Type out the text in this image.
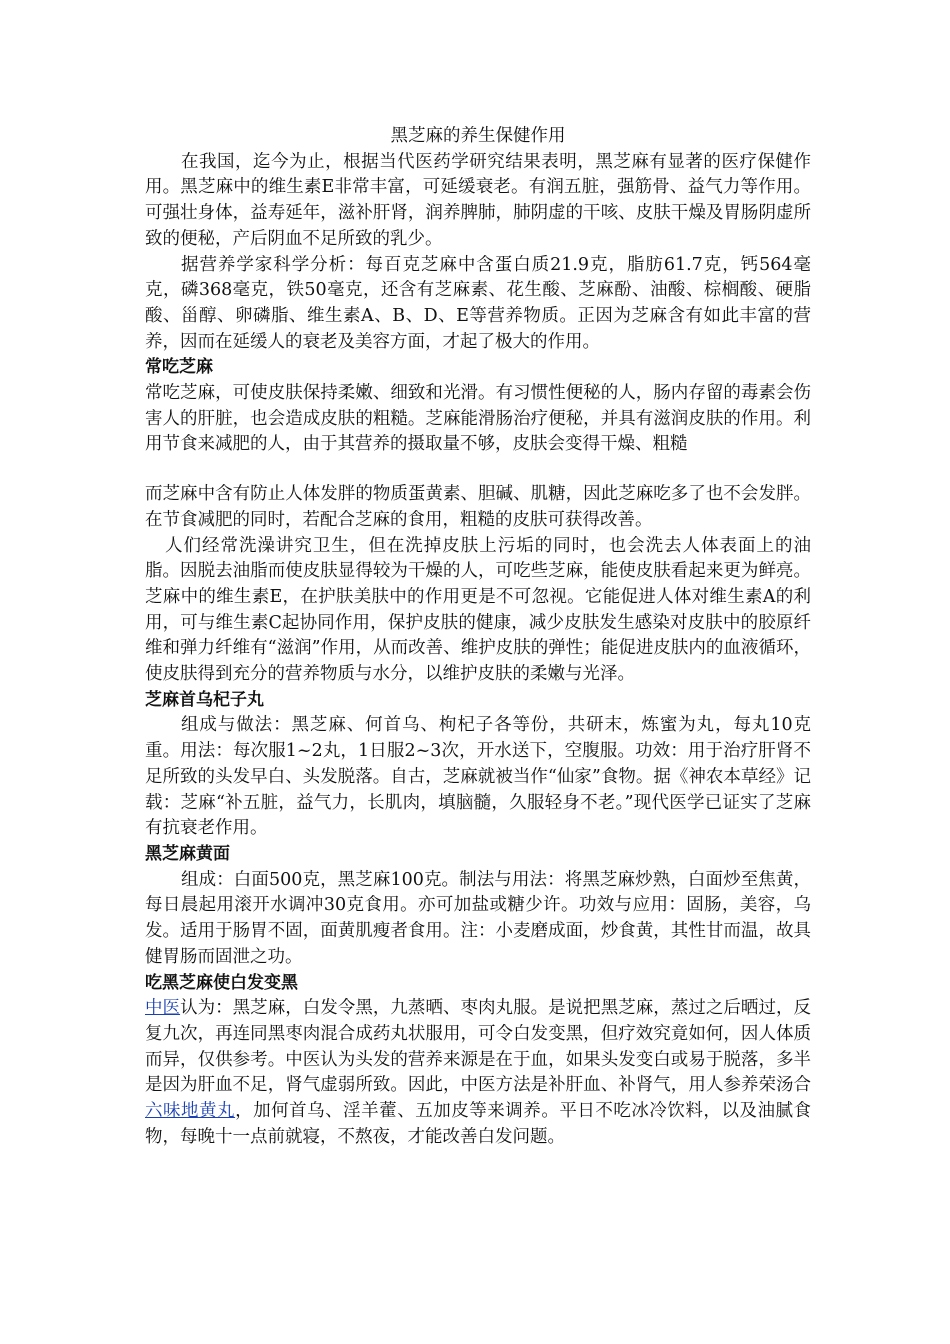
黑芝麻的养生保健作用

在我国，迄今为止，根据当代医药学研究结果表明，黑芝麻有显著的医疗保健作用。黑芝麻中的维生素E非常丰富，可延缓衰老。有润五脏，强筋骨、益气力等作用。可强壮身体，益寿延年，滋补肝肾，润养脾肺，肺阴虚的干咳、皮肤干燥及胃肠阴虚所致的便秘，产后阴血不足所致的乳少。

据营养学家科学分析：每百克芝麻中含蛋白质21.9克，脂肪61.7克，钙564毫克，磷368毫克，铁50毫克，还含有芝麻素、花生酸、芝麻酚、油酸、棕榈酸、硬脂酸、甾醇、卵磷脂、维生素A、B、D、E等营养物质。正因为芝麻含有如此丰富的营养，因而在延缓人的衰老及美容方面，才起了极大的作用。

常吃芝麻

常吃芝麻，可使皮肤保持柔嫩、细致和光滑。有习惯性便秘的人，肠内存留的毒素会伤害人的肝脏，也会造成皮肤的粗糙。芝麻能滑肠治疗便秘，并具有滋润皮肤的作用。利用节食来减肥的人，由于其营养的摄取量不够，皮肤会变得干燥、粗糙

而芝麻中含有防止人体发胖的物质蛋黄素、胆碱、肌糖，因此芝麻吃多了也不会发胖。在节食减肥的同时，若配合芝麻的食用，粗糙的皮肤可获得改善。

人们经常洗澡讲究卫生，但在洗掉皮肤上污垢的同时，也会洗去人体表面上的油脂。因脱去油脂而使皮肤显得较为干燥的人，可吃些芝麻，能使皮肤看起来更为鲜亮。芝麻中的维生素E，在护肤美肤中的作用更是不可忽视。它能促进人体对维生素A的利用，可与维生素C起协同作用，保护皮肤的健康，减少皮肤发生感染对皮肤中的胶原纤维和弹力纤维有“滋润”作用，从而改善、维护皮肤的弹性；能促进皮肤内的血液循环，使皮肤得到充分的营养物质与水分，以维护皮肤的柔嫩与光泽。

芝麻首乌杞子丸

组成与做法：黑芝麻、何首乌、枸杞子各等份，共研末，炼蜜为丸，每丸10克重。用法：每次服1~2丸，1日服2~3次，开水送下，空腹服。功效：用于治疗肝肾不足所致的头发早白、头发脱落。自古，芝麻就被当作“仙家”食物。据《神农本草经》记载：芝麻“补五脏，益气力，长肌肉，填脑髓，久服轻身不老。”现代医学已证实了芝麻有抗衰老作用。

黑芝麻黄面

组成：白面500克，黑芝麻100克。制法与用法：将黑芝麻炒熟，白面炒至焦黄，每日晨起用滚开水调冲30克食用。亦可加盐或糖少许。功效与应用：固肠，美容，乌发。适用于肠胃不固，面黄肌瘦者食用。注：小麦磨成面，炒食黄，其性甘而温，故具健胃肠而固泄之功。

吃黑芝麻使白发变黑

中医认为：黑芝麻，白发令黑，九蒸晒、枣肉丸服。是说把黑芝麻，蒸过之后晒过，反复九次，再连同黑枣肉混合成药丸状服用，可令白发变黑，但疗效究竟如何，因人体质而异，仅供参考。中医认为头发的营养来源是在于血，如果头发变白或易于脱落，多半是因为肝血不足，肾气虚弱所致。因此，中医方法是补肝血、补肾气，用人参养荣汤合六味地黄丸，加何首乌、淫羊藿、五加皮等来调养。平日不吃冰冷饮料，以及油腻食物，每晚十一点前就寝，不熬夜，才能改善白发问题。
